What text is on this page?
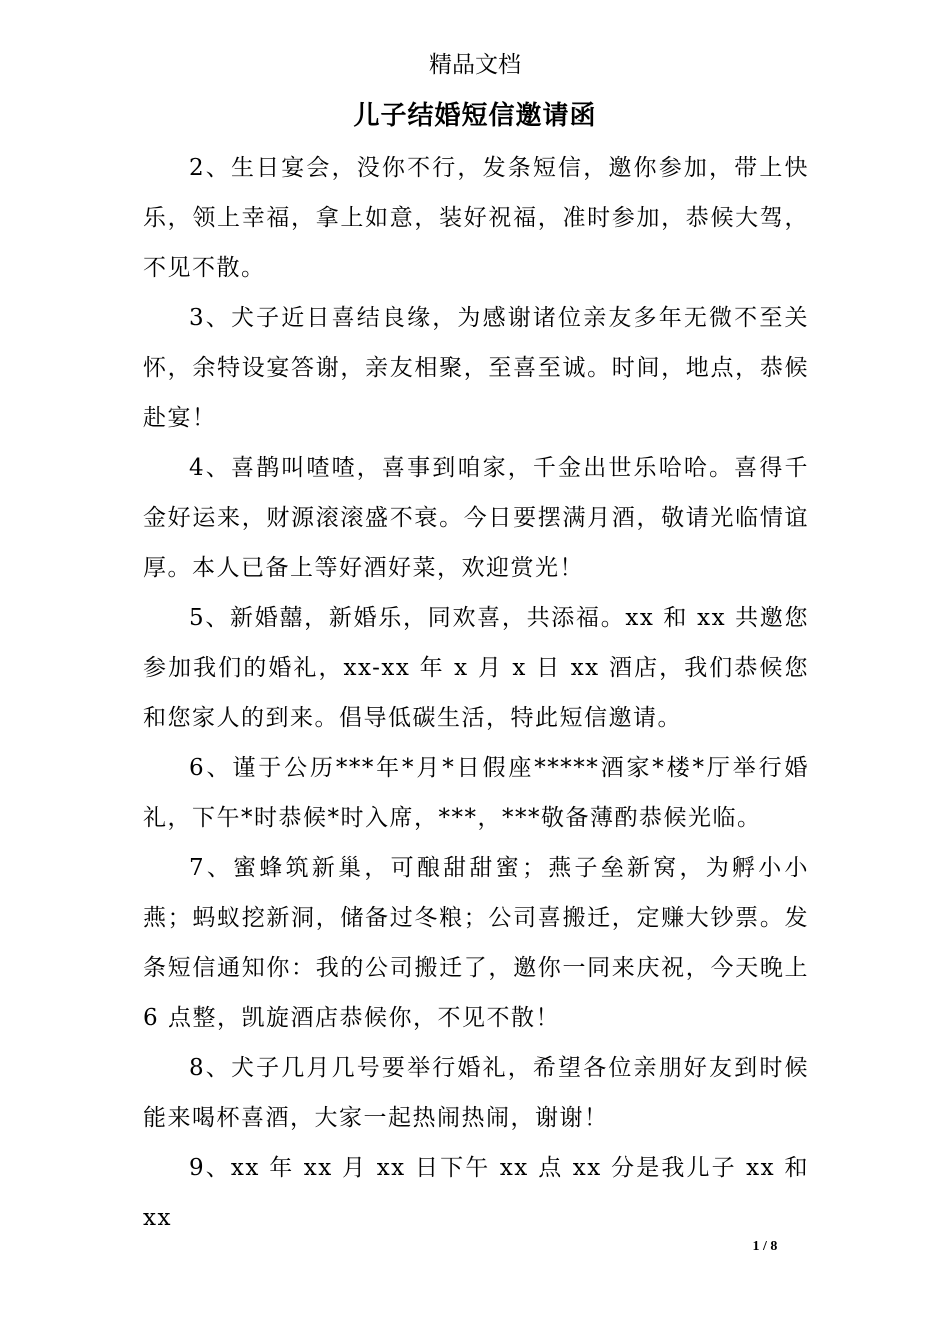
精品文档
儿子结婚短信邀请函

2、生日宴会，没你不行，发条短信，邀你参加，带上快乐，领上幸福，拿上如意，装好祝福，准时参加，恭候大驾，不见不散。

3、犬子近日喜结良缘，为感谢诸位亲友多年无微不至关怀，余特设宴答谢，亲友相聚，至喜至诚。时间，地点，恭候赴宴！

4、喜鹊叫喳喳，喜事到咱家，千金出世乐哈哈。喜得千金好运来，财源滚滚盛不衰。今日要摆满月酒，敬请光临情谊厚。本人已备上等好酒好菜，欢迎赏光！

5、新婚囍，新婚乐，同欢喜，共添福。xx 和 xx 共邀您参加我们的婚礼，xx-xx 年 x 月 x 日 xx 酒店，我们恭候您和您家人的到来。倡导低碳生活，特此短信邀请。

6、谨于公历***年*月*日假座*****酒家*楼*厅举行婚礼，下午*时恭候*时入席，***，***敬备薄酌恭候光临。

7、蜜蜂筑新巢，可酿甜甜蜜；燕子垒新窝，为孵小小燕；蚂蚁挖新洞，储备过冬粮；公司喜搬迁，定赚大钞票。发条短信通知你：我的公司搬迁了，邀你一同来庆祝，今天晚上 6 点整，凯旋酒店恭候你，不见不散！

8、犬子几月几号要举行婚礼，希望各位亲朋好友到时候能来喝杯喜酒，大家一起热闹热闹，谢谢！

9、xx 年 xx 月 xx 日下午 xx 点 xx 分是我儿子 xx 和 xx

1 / 8
